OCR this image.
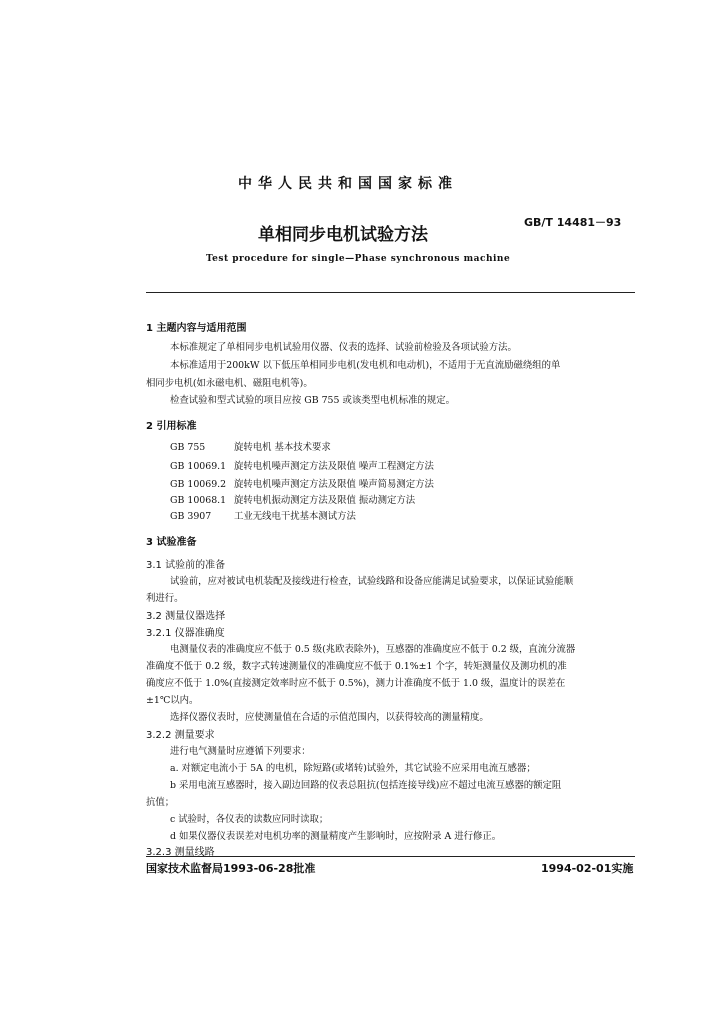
中华人民共和国国家标准
GB/T 14481－93
单相同步电机试验方法
Test procedure for single—Phase synchronous machine
1 主题内容与适用范围
本标准规定了单相同步电机试验用仪器、仪表的选择、试验前检验及各项试验方法。
本标准适用于200kW 以下低压单相同步电机(发电机和电动机)，不适用于无直流励磁绕组的单
相同步电机(如永磁电机、磁阻电机等)。
检查试验和型式试验的项目应按 GB 755 或该类型电机标准的规定。
2 引用标准
GB 755	旋转电机 基本技术要求
GB 10069.1 旋转电机噪声测定方法及限值 噪声工程测定方法
GB 10069.2 旋转电机噪声测定方法及限值 噪声简易测定方法
GB 10068.1 旋转电机振动测定方法及限值 振动测定方法
GB 3907 工业无线电干扰基本测试方法
3 试验准备
3.1 试验前的准备
试验前，应对被试电机装配及接线进行检查，试验线路和设备应能满足试验要求，以保证试验能顺
利进行。
3.2 测量仪器选择
3.2.1 仪器准确度
电测量仪表的准确度应不低于 0.5 级(兆欧表除外)，互感器的准确度应不低于 0.2 级，直流分流器
准确度不低于 0.2 级，数字式转速测量仪的准确度应不低于 0.1%±1 个字，转矩测量仪及测功机的准
确度应不低于 1.0%(直接测定效率时应不低于 0.5%)，测力计准确度不低于 1.0 级，温度计的误差在
±1℃以内。
选择仪器仪表时，应使测量值在合适的示值范围内，以获得较高的测量精度。
3.2.2 测量要求
进行电气测量时应遵循下列要求：
a. 对额定电流小于 5A 的电机，除短路(或堵转)试验外，其它试验不应采用电流互感器；
b 采用电流互感器时，接入副边回路的仪表总阻抗(包括连接导线)应不超过电流互感器的额定阻
抗值；
c 试验时，各仪表的读数应同时读取；
d 如果仪器仪表误差对电机功率的测量精度产生影响时，应按附录 A 进行修正。
3.2.3 测量线路
国家技术监督局1993-06-28批准	1994-02-01实施
